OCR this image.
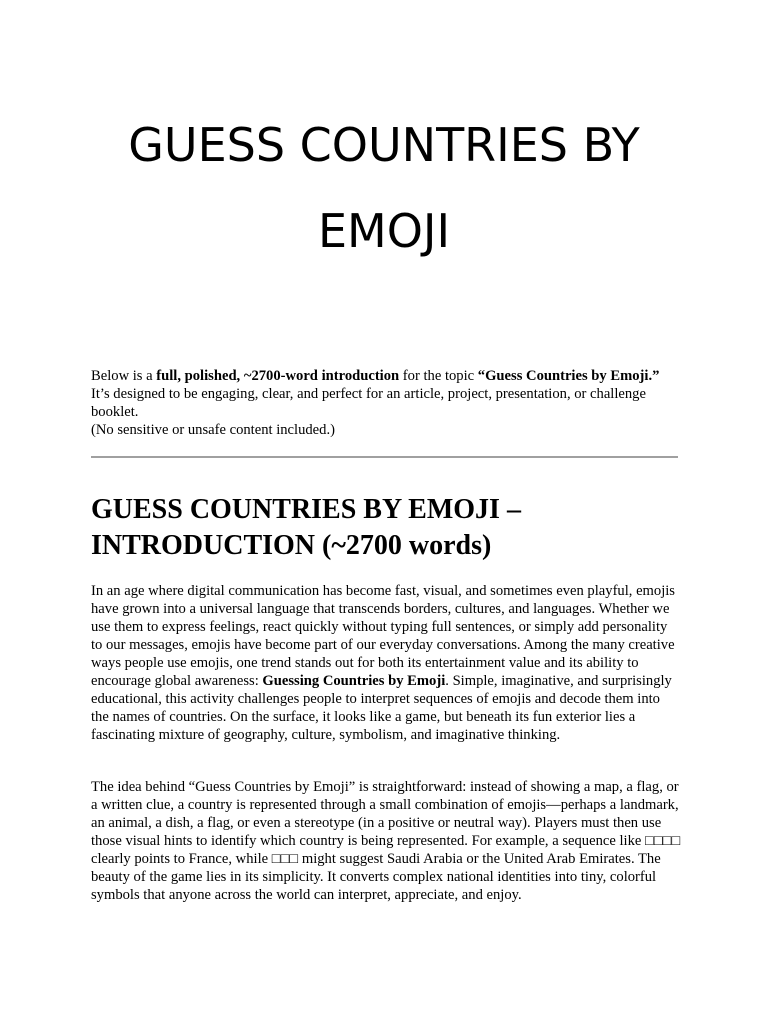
GUESS COUNTRIES BY EMOJI

Below is a full, polished, ~2700-word introduction for the topic “Guess Countries by Emoji.” It’s designed to be engaging, clear, and perfect for an article, project, presentation, or challenge booklet.
(No sensitive or unsafe content included.)

GUESS COUNTRIES BY EMOJI – INTRODUCTION (~2700 words)

In an age where digital communication has become fast, visual, and sometimes even playful, emojis have grown into a universal language that transcends borders, cultures, and languages. Whether we use them to express feelings, react quickly without typing full sentences, or simply add personality to our messages, emojis have become part of our everyday conversations. Among the many creative ways people use emojis, one trend stands out for both its entertainment value and its ability to encourage global awareness: Guessing Countries by Emoji. Simple, imaginative, and surprisingly educational, this activity challenges people to interpret sequences of emojis and decode them into the names of countries. On the surface, it looks like a game, but beneath its fun exterior lies a fascinating mixture of geography, culture, symbolism, and imaginative thinking.

The idea behind “Guess Countries by Emoji” is straightforward: instead of showing a map, a flag, or a written clue, a country is represented through a small combination of emojis—perhaps a landmark, an animal, a dish, a flag, or even a stereotype (in a positive or neutral way). Players must then use those visual hints to identify which country is being represented. For example, a sequence like □□□□ clearly points to France, while □□□ might suggest Saudi Arabia or the United Arab Emirates. The beauty of the game lies in its simplicity. It converts complex national identities into tiny, colorful symbols that anyone across the world can interpret, appreciate, and enjoy.
